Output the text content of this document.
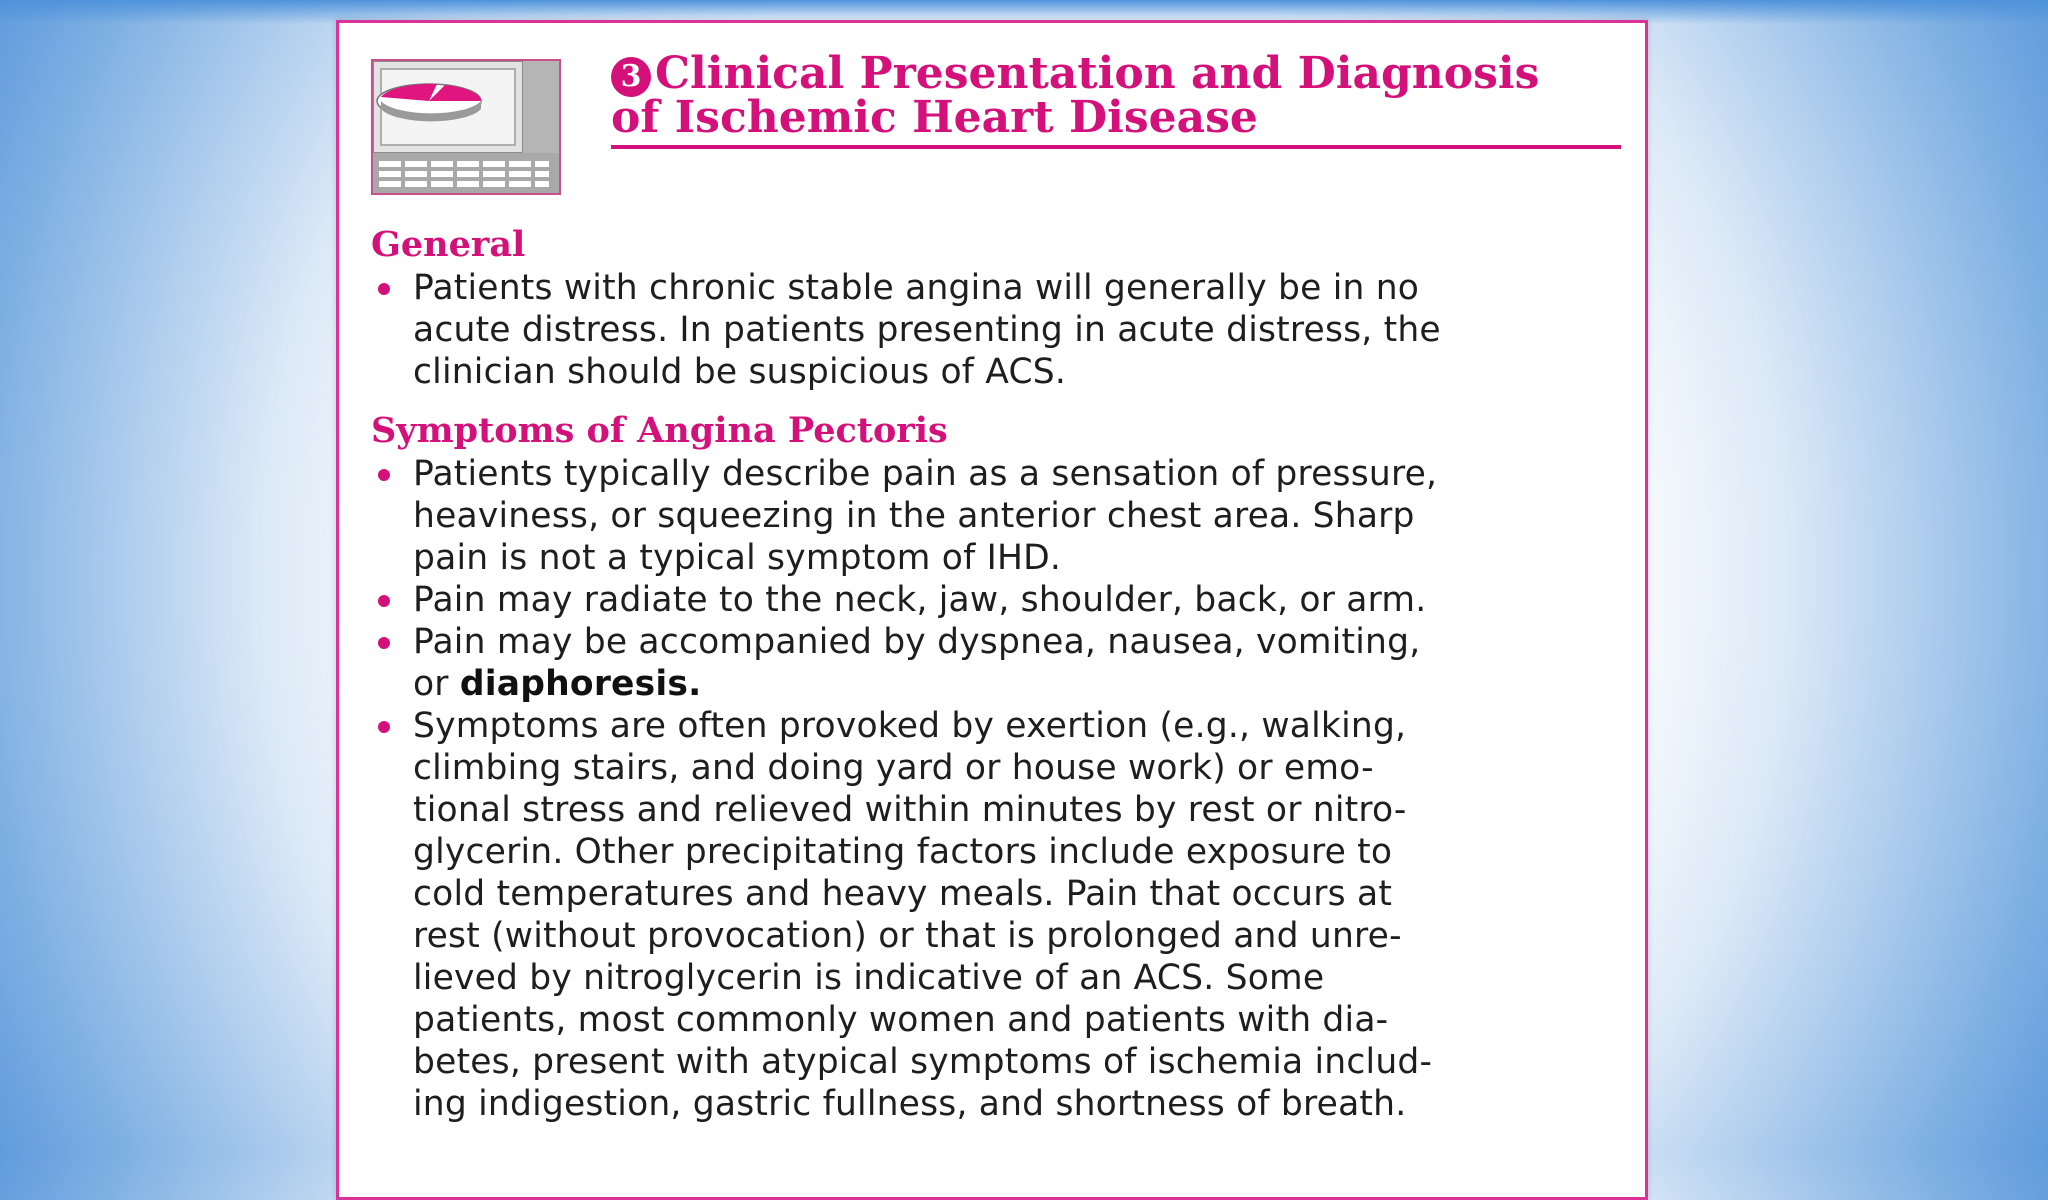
3 Clinical Presentation and Diagnosis
of Ischemic Heart Disease
General
Patients with chronic stable angina will generally be in no
acute distress. In patients presenting in acute distress, the
clinician should be suspicious of ACS.
Symptoms of Angina Pectoris
Patients typically describe pain as a sensation of pressure,
heaviness, or squeezing in the anterior chest area. Sharp
pain is not a typical symptom of IHD.
Pain may radiate to the neck, jaw, shoulder, back, or arm.
Pain may be accompanied by dyspnea, nausea, vomiting,
or diaphoresis.
Symptoms are often provoked by exertion (e.g., walking,
climbing stairs, and doing yard or house work) or emo-
tional stress and relieved within minutes by rest or nitro-
glycerin. Other precipitating factors include exposure to
cold temperatures and heavy meals. Pain that occurs at
rest (without provocation) or that is prolonged and unre-
lieved by nitroglycerin is indicative of an ACS. Some
patients, most commonly women and patients with dia-
betes, present with atypical symptoms of ischemia includ-
ing indigestion, gastric fullness, and shortness of breath.
